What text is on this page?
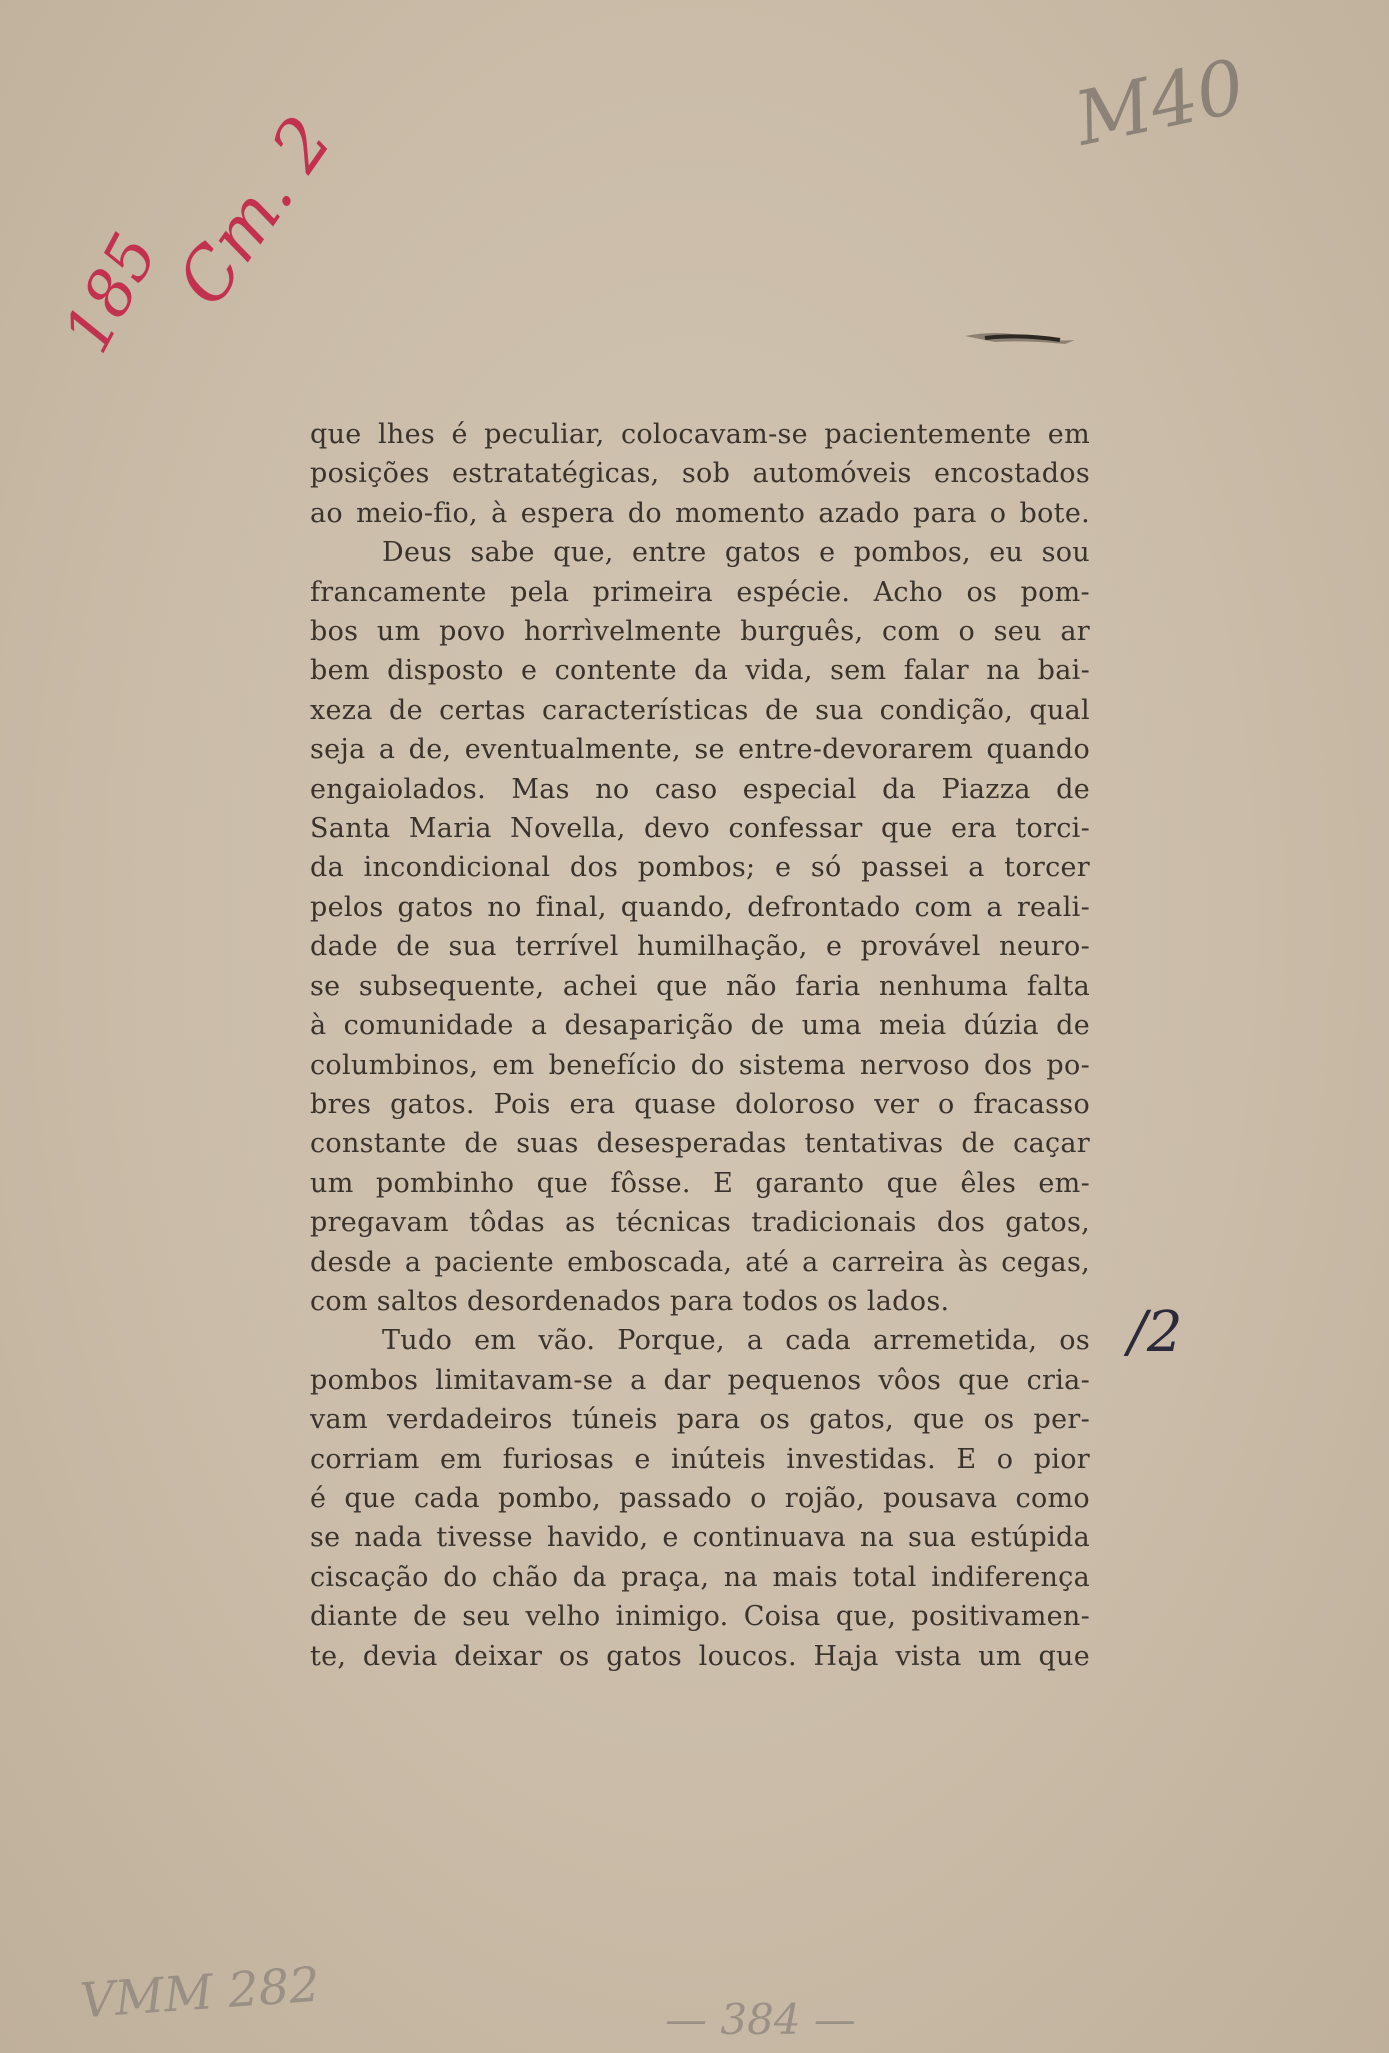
Cm. 2
185
M40
que lhes é peculiar, colocavam-se pacientemente em
posições estratatégicas, sob automóveis encostados
ao meio-fio, à espera do momento azado para o bote.
Deus sabe que, entre gatos e pombos, eu sou
francamente pela primeira espécie. Acho os pom-
bos um povo horrìvelmente burguês, com o seu ar
bem disposto e contente da vida, sem falar na bai-
xeza de certas características de sua condição, qual
seja a de, eventualmente, se entre-devorarem quando
engaiolados. Mas no caso especial da Piazza de
Santa Maria Novella, devo confessar que era torci-
da incondicional dos pombos; e só passei a torcer
pelos gatos no final, quando, defrontado com a reali-
dade de sua terrível humilhação, e provável neuro-
se subsequente, achei que não faria nenhuma falta
à comunidade a desaparição de uma meia dúzia de
columbinos, em benefício do sistema nervoso dos po-
bres gatos. Pois era quase doloroso ver o fracasso
constante de suas desesperadas tentativas de caçar
um pombinho que fôsse. E garanto que êles em-
pregavam tôdas as técnicas tradicionais dos gatos,
desde a paciente emboscada, até a carreira às cegas,
com saltos desordenados para todos os lados.
Tudo em vão. Porque, a cada arremetida, os
pombos limitavam-se a dar pequenos vôos que cria-
vam verdadeiros túneis para os gatos, que os per-
corriam em furiosas e inúteis investidas. E o pior
é que cada pombo, passado o rojão, pousava como
se nada tivesse havido, e continuava na sua estúpida
ciscação do chão da praça, na mais total indiferença
diante de seu velho inimigo. Coisa que, positivamen-
te, devia deixar os gatos loucos. Haja vista um que
/2
VMM 282	— 384 —
